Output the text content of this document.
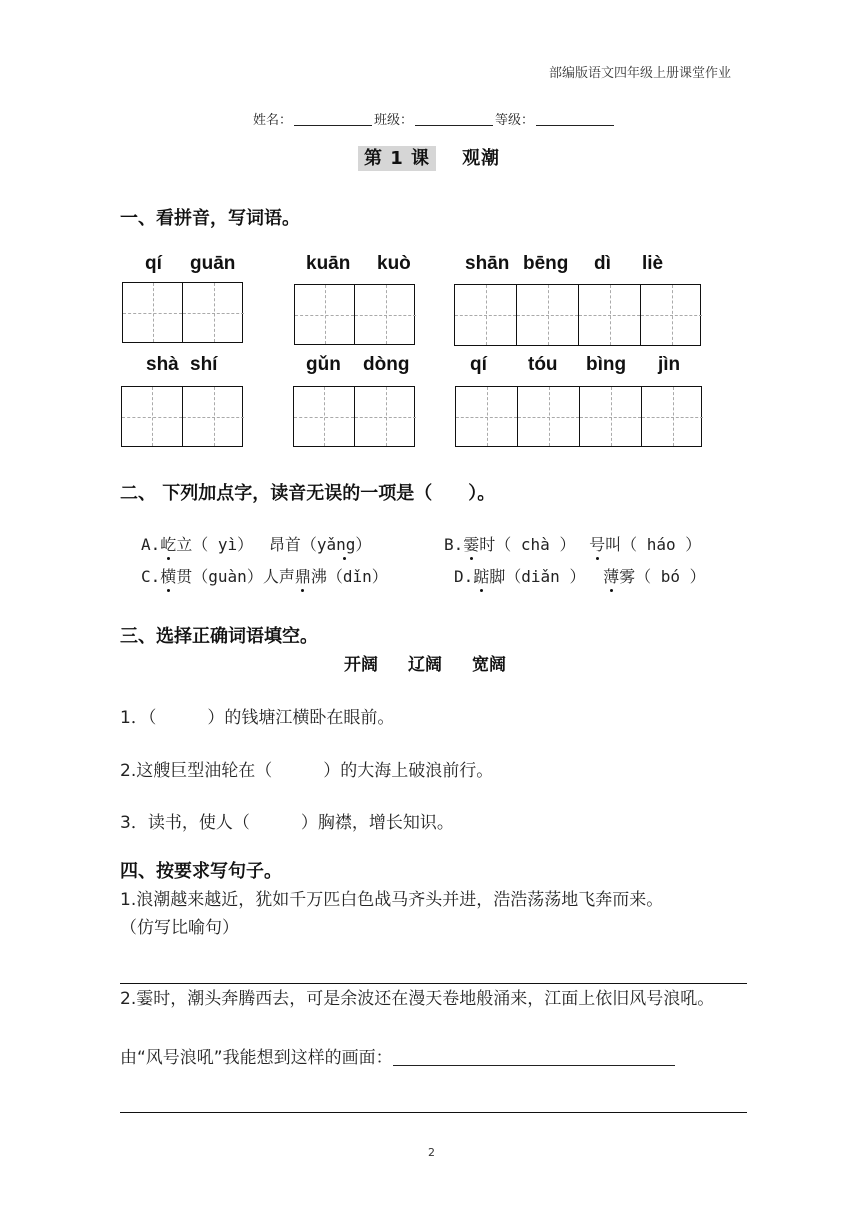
部编版语文四年级上册课堂作业
姓名：	班级：	等级：
第 1 课 观潮
一、看拼音，写词语。
qí guān	kuān kuò	shān bēng dì liè
shà shí	gǔn dòng	qí tóu bìng jìn
二、 下列加点字，读音无误的一项是（　　）。
A.屹立（ yì） 昂首（yǎng）	B.霎时（ chà ） 号叫（ háo ）
C.横贯（guàn）人声鼎沸（dǐn）	D.踮脚（diǎn ） 薄雾（ bó ）
三、选择正确词语填空。
开阔 辽阔 宽阔
1．（　　　）的钱塘江横卧在眼前。
2.这艘巨型油轮在（　　　）的大海上破浪前行。
3．读书，使人（　　　）胸襟，增长知识。
四、按要求写句子。
1.浪潮越来越近，犹如千万匹白色战马齐头并进，浩浩荡荡地飞奔而来。
（仿写比喻句）
2.霎时，潮头奔腾西去，可是余波还在漫天卷地般涌来，江面上依旧风号浪吼。
由“风号浪吼”我能想到这样的画面：
2
